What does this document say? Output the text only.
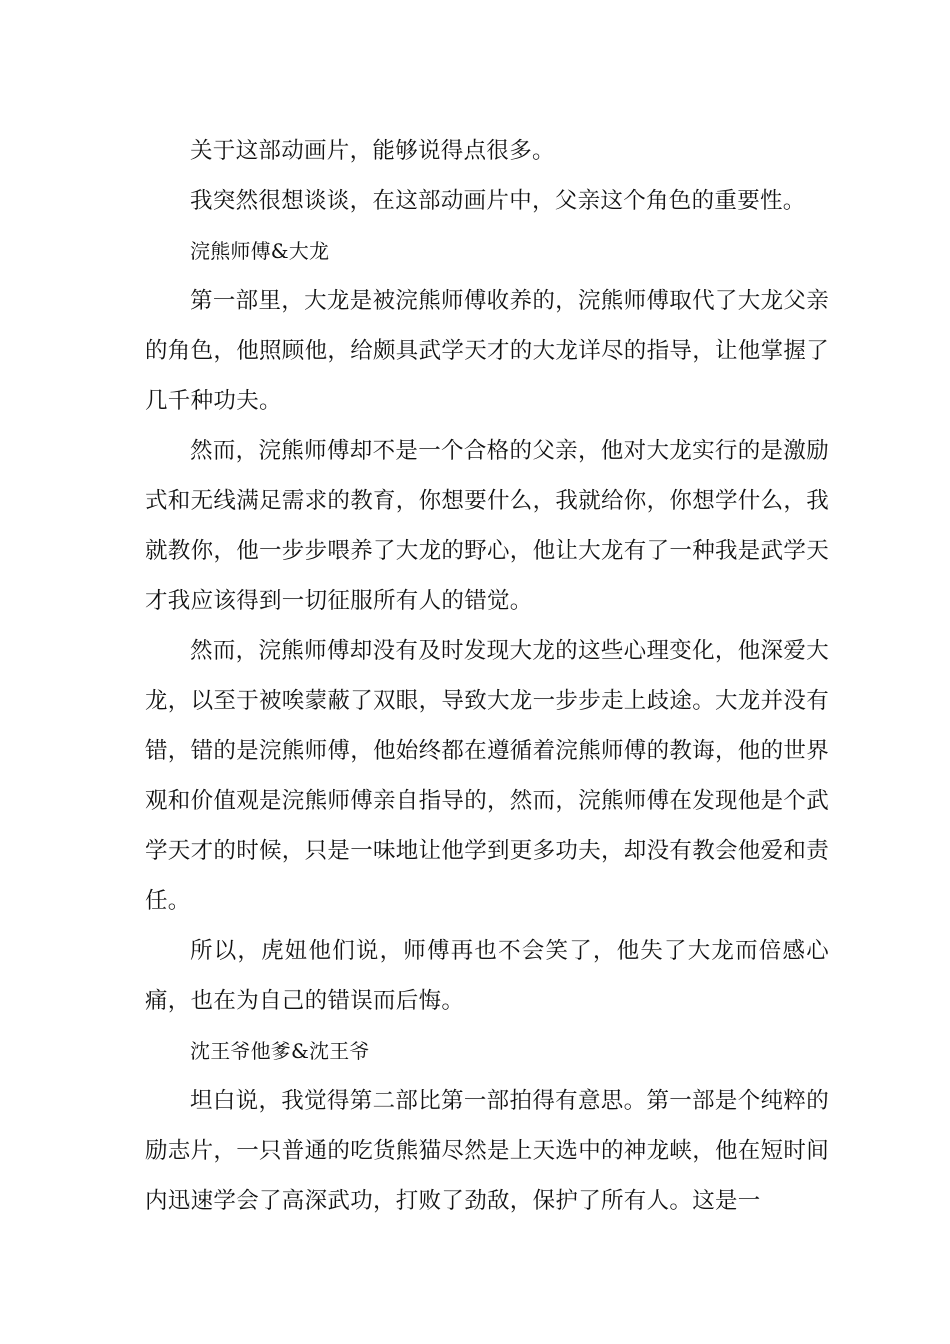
关于这部动画片，能够说得点很多。

我突然很想谈谈，在这部动画片中，父亲这个角色的重要性。

浣熊师傅&大龙

第一部里，大龙是被浣熊师傅收养的，浣熊师傅取代了大龙父亲的角色，他照顾他，给颇具武学天才的大龙详尽的指导，让他掌握了几千种功夫。

然而，浣熊师傅却不是一个合格的父亲，他对大龙实行的是激励式和无线满足需求的教育，你想要什么，我就给你，你想学什么，我就教你，他一步步喂养了大龙的野心，他让大龙有了一种我是武学天才我应该得到一切征服所有人的错觉。

然而，浣熊师傅却没有及时发现大龙的这些心理变化，他深爱大龙，以至于被唉蒙蔽了双眼，导致大龙一步步走上歧途。大龙并没有错，错的是浣熊师傅，他始终都在遵循着浣熊师傅的教诲，他的世界观和价值观是浣熊师傅亲自指导的，然而，浣熊师傅在发现他是个武学天才的时候，只是一味地让他学到更多功夫，却没有教会他爱和责任。

所以，虎妞他们说，师傅再也不会笑了，他失了大龙而倍感心痛，也在为自己的错误而后悔。

沈王爷他爹&沈王爷

坦白说，我觉得第二部比第一部拍得有意思。第一部是个纯粹的励志片，一只普通的吃货熊猫尽然是上天选中的神龙峡，他在短时间内迅速学会了高深武功，打败了劲敌，保护了所有人。这是一
